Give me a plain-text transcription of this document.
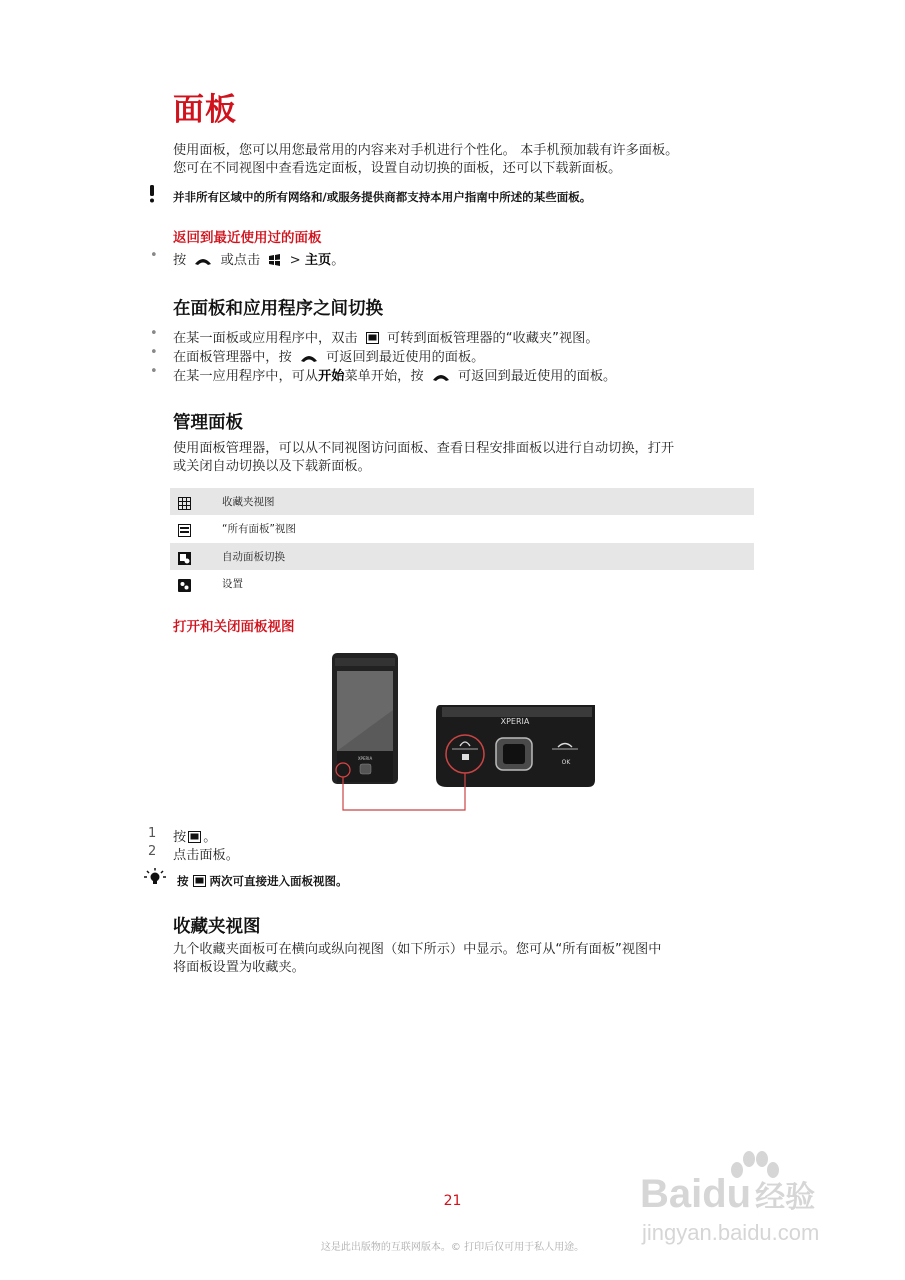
面板
使用面板，您可以用您最常用的内容来对手机进行个性化。 本手机预加载有许多面板。
您可在不同视图中查看选定面板，设置自动切换的面板，还可以下载新面板。
并非所有区域中的所有网络和/或服务提供商都支持本用户指南中所述的某些面板。
返回到最近使用过的面板
• 按	或点击 > 主页。
在面板和应用程序之间切换
• 在某一面板或应用程序中，双击 可转到面板管理器的“收藏夹”视图。
• 在面板管理器中，按	可返回到最近使用的面板。
• 在某一应用程序中，可从开始菜单开始，按	可返回到最近使用的面板。
管理面板
使用面板管理器，可以从不同视图访问面板、查看日程安排面板以进行自动切换，打开
或关闭自动切换以及下载新面板。
收藏夹视图
“所有面板”视图
自动面板切换
设置
打开和关闭面板视图
XPERIA
XPERIA
OK
1 按 。
2 点击面板。
按 两次可直接进入面板视图。
收藏夹视图
九个收藏夹面板可在横向或纵向视图（如下所示）中显示。您可从“所有面板”视图中
将面板设置为收藏夹。
21
这是此出版物的互联网版本。© 打印后仅可用于私人用途。
Baidu 经验
jingyan.baidu.com
